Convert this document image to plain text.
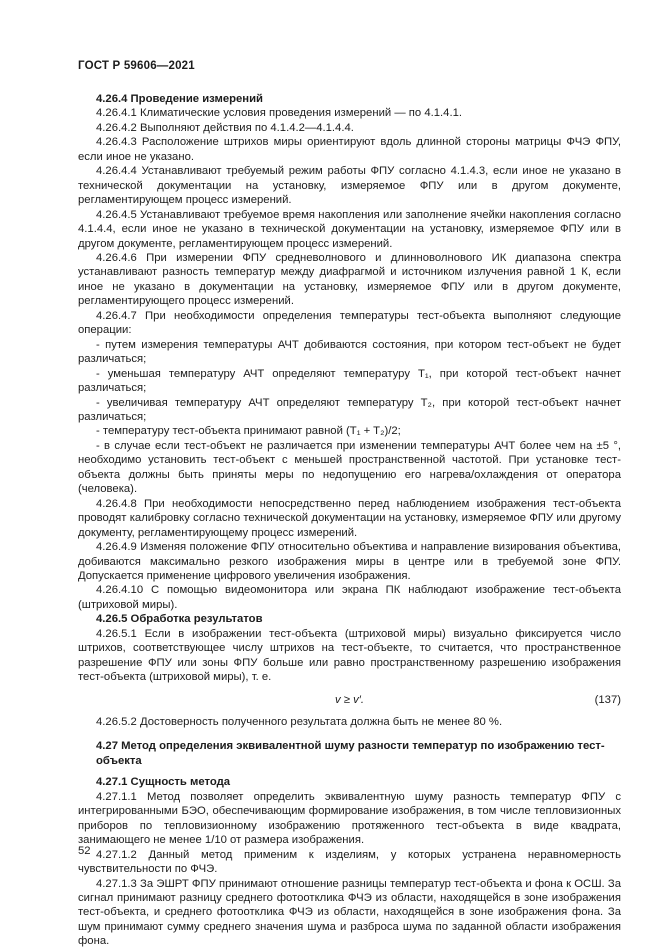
ГОСТ Р 59606—2021

4.26.4 Проведение измерений

4.26.4.1 Климатические условия проведения измерений — по 4.1.4.1.

4.26.4.2 Выполняют действия по 4.1.4.2—4.1.4.4.

4.26.4.3 Расположение штрихов миры ориентируют вдоль длинной стороны матрицы ФЧЭ ФПУ, если иное не указано.

4.26.4.4 Устанавливают требуемый режим работы ФПУ согласно 4.1.4.3, если иное не указано в технической документации на установку, измеряемое ФПУ или в другом документе, регламентирующем процесс измерений.

4.26.4.5 Устанавливают требуемое время накопления или заполнение ячейки накопления согласно 4.1.4.4, если иное не указано в технической документации на установку, измеряемое ФПУ или в другом документе, регламентирующем процесс измерений.

4.26.4.6 При измерении ФПУ средневолнового и длинноволнового ИК диапазона спектра устанавливают разность температур между диафрагмой и источником излучения равной 1 К, если иное не указано в документации на установку, измеряемое ФПУ или в другом документе, регламентирующего процесс измерений.

4.26.4.7 При необходимости определения температуры тест-объекта выполняют следующие операции:

- путем измерения температуры АЧТ добиваются состояния, при котором тест-объект не будет различаться;

- уменьшая температуру АЧТ определяют температуру T₁, при которой тест-объект начнет различаться;

- увеличивая температуру АЧТ определяют температуру T₂, при которой тест-объект начнет различаться;

- температуру тест-объекта принимают равной (T₁ + T₂)/2;

- в случае если тест-объект не различается при изменении температуры АЧТ более чем на ±5 °, необходимо установить тест-объект с меньшей пространственной частотой. При установке тест-объекта должны быть приняты меры по недопущению его нагрева/охлаждения от оператора (человека).

4.26.4.8 При необходимости непосредственно перед наблюдением изображения тест-объекта проводят калибровку согласно технической документации на установку, измеряемое ФПУ или другому документу, регламентирующему процесс измерений.

4.26.4.9 Изменяя положение ФПУ относительно объектива и направление визирования объектива, добиваются максимально резкого изображения миры в центре или в требуемой зоне ФПУ. Допускается применение цифрового увеличения изображения.

4.26.4.10 С помощью видеомонитора или экрана ПК наблюдают изображение тест-объекта (штриховой миры).

4.26.5 Обработка результатов

4.26.5.1 Если в изображении тест-объекта (штриховой миры) визуально фиксируется число штрихов, соответствующее числу штрихов на тест-объекте, то считается, что пространственное разрешение ФПУ или зоны ФПУ больше или равно пространственному разрешению изображения тест-объекта (штриховой миры), т. е.

v ≥ v′.	(137)

4.26.5.2 Достоверность полученного результата должна быть не менее 80 %.

4.27 Метод определения эквивалентной шуму разности температур по изображению тест-объекта

4.27.1 Сущность метода

4.27.1.1 Метод позволяет определить эквивалентную шуму разность температур ФПУ с интегрированными БЭО, обеспечивающим формирование изображения, в том числе тепловизионных приборов по тепловизионному изображению протяженного тест-объекта в виде квадрата, занимающего не менее 1/10 от размера изображения.

4.27.1.2 Данный метод применим к изделиям, у которых устранена неравномерность чувствительности по ФЧЭ.

4.27.1.3 За ЭШРТ ФПУ принимают отношение разницы температур тест-объекта и фона к ОСШ. За сигнал принимают разницу среднего фотоотклика ФЧЭ из области, находящейся в зоне изображения тест-объекта, и среднего фотоотклика ФЧЭ из области, находящейся в зоне изображения фона. За шум принимают сумму среднего значения шума и разброса шума по заданной области изображения фона.

52
